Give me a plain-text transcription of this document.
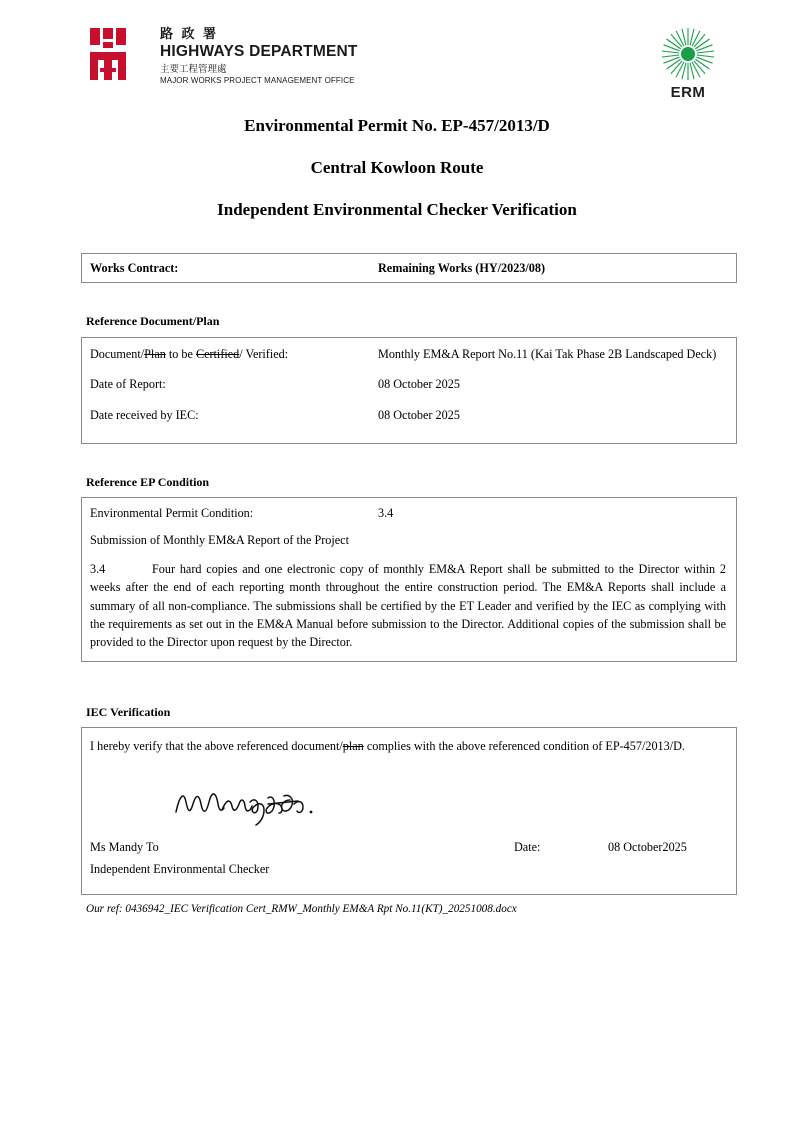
路 政 署
HIGHWAYS DEPARTMENT
主要工程管理處
MAJOR WORKS PROJECT MANAGEMENT OFFICE
ERM
Environmental Permit No. EP-457/2013/D
Central Kowloon Route
Independent Environmental Checker Verification
Works Contract:	Remaining Works (HY/2023/08)
Reference Document/Plan
Document/Plan to be Certified/ Verified:	Monthly EM&A Report No.11 (Kai Tak Phase 2B Landscaped Deck)
Date of Report:	08 October 2025
Date received by IEC:	08 October 2025
Reference EP Condition
Environmental Permit Condition:	3.4
Submission of Monthly EM&A Report of the Project
3.4	Four hard copies and one electronic copy of monthly EM&A Report shall be submitted to the Director within 2 weeks after the end of each reporting month throughout the entire construction period. The EM&A Reports shall include a summary of all non-compliance. The submissions shall be certified by the ET Leader and verified by the IEC as complying with the requirements as set out in the EM&A Manual before submission to the Director. Additional copies of the submission shall be provided to the Director upon request by the Director.
IEC Verification
I hereby verify that the above referenced document/plan complies with the above referenced condition of EP-457/2013/D.
Ms Mandy To
Independent Environmental Checker
Date:	08 October2025
Our ref: 0436942_IEC Verification Cert_RMW_Monthly EM&A Rpt No.11(KT)_20251008.docx
